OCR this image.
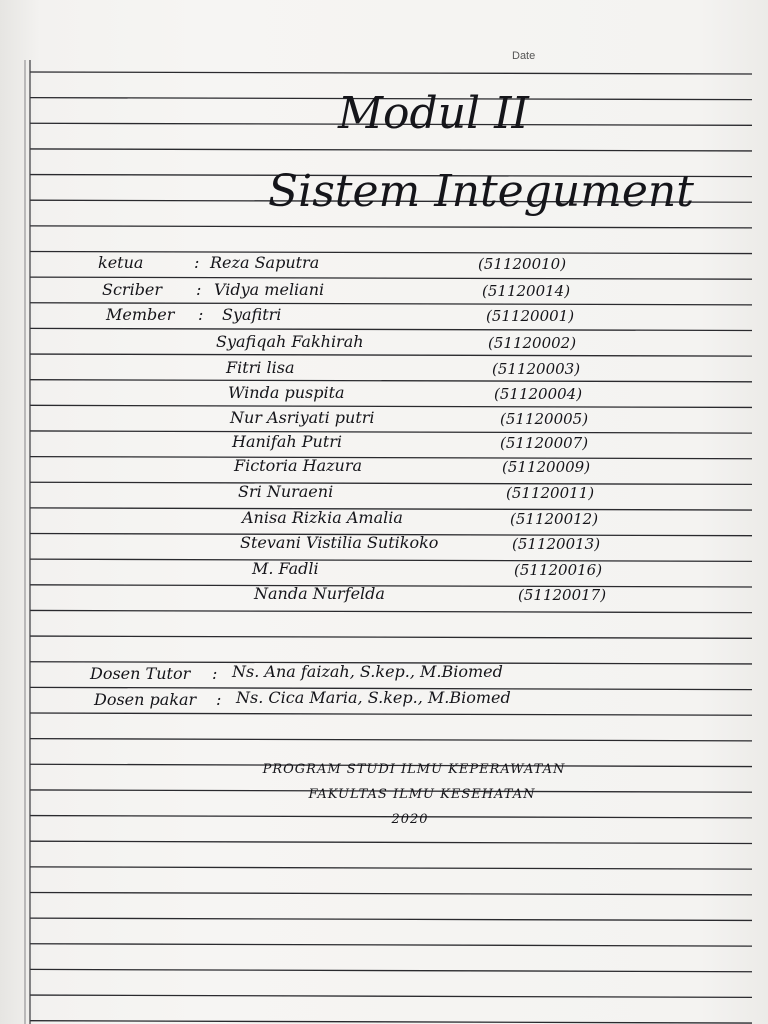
Date
Modul II
Sistem Integument
ketua	: Reza Saputra	(51120010)
Scriber : Vidya meliani	(51120014)
Member : Syafitri	(51120001)
Syafiqah Fakhirah	(51120002)
Fitri lisa	(51120003)
Winda puspita	(51120004)
Nur Asriyati putri	(51120005)
Hanifah Putri	(51120007)
Fictoria Hazura	(51120009)
Sri Nuraeni	(51120011)
Anisa Rizkia Amalia	(51120012)
Stevani Vistilia Sutikoko	(51120013)
M. Fadli	(51120016)
Nanda Nurfelda	(51120017)
Dosen Tutor : Ns. Ana faizah, S.kep., M.Biomed
Dosen pakar : Ns. Cica Maria, S.kep., M.Biomed
PROGRAM STUDI ILMU KEPERAWATAN
FAKULTAS ILMU KESEHATAN
2020
